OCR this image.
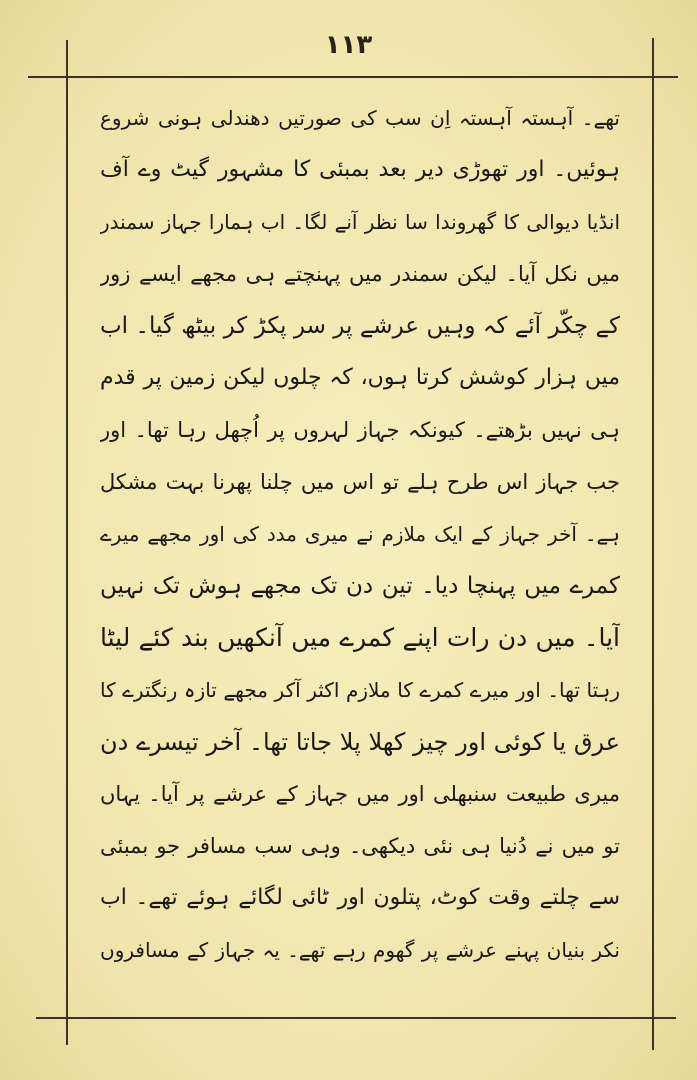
١١٣
تھے۔ آہستہ آہستہ اِن سب کی صورتیں دھندلی ہونی شروع
ہوئیں۔ اور تھوڑی دیر بعد بمبئی کا مشہور گیٹ وے آف
انڈیا دیوالی کا گھروندا سا نظر آنے لگا۔ اب ہمارا جہاز سمندر
میں نکل آیا۔ لیکن سمندر میں پہنچتے ہی مجھے ایسے زور
کے چکّر آئے کہ وہیں عرشے پر سر پکڑ کر بیٹھ گیا۔ اب
میں ہزار کوشش کرتا ہوں، کہ چلوں لیکن زمین پر قدم
ہی نہیں بڑھتے۔ کیونکہ جہاز لہروں پر اُچھل رہا تھا۔ اور
جب جہاز اس طرح ہلے تو اس میں چلنا پھرنا بہت مشکل
ہے۔ آخر جہاز کے ایک ملازم نے میری مدد کی اور مجھے میرے
کمرے میں پہنچا دیا۔ تین دن تک مجھے ہوش تک نہیں
آیا۔ میں دن رات اپنے کمرے میں آنکھیں بند کئے لیٹا
رہتا تھا۔ اور میرے کمرے کا ملازم اکثر آکر مجھے تازہ رنگترے کا
عرق یا کوئی اور چیز کھلا پلا جاتا تھا۔ آخر تیسرے دن
میری طبیعت سنبھلی اور میں جہاز کے عرشے پر آیا۔ یہاں
تو میں نے دُنیا ہی نئی دیکھی۔ وہی سب مسافر جو بمبئی
سے چلتے وقت کوٹ، پتلون اور ٹائی لگائے ہوئے تھے۔ اب
نکر بنیان پہنے عرشے پر گھوم رہے تھے۔ یہ جہاز کے مسافروں
